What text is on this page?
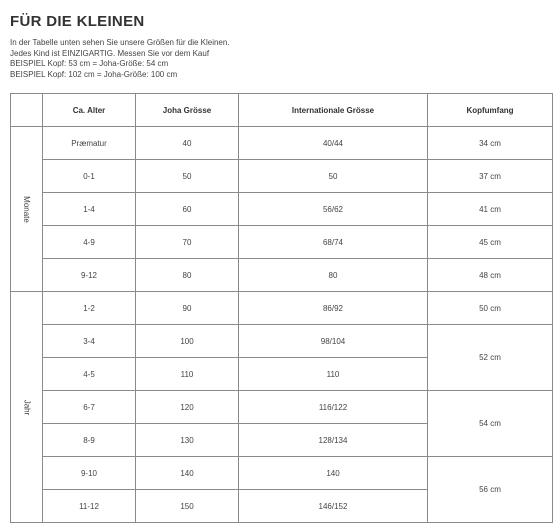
FÜR DIE KLEINEN
In der Tabelle unten sehen Sie unsere Größen für die Kleinen.
Jedes Kind ist EINZIGARTIG. Messen Sie vor dem Kauf
BEISPIEL Kopf: 53 cm = Joha-Größe: 54 cm
BEISPIEL Kopf: 102 cm = Joha-Größe: 100 cm
	Ca. Alter	Joha Grösse	Internationale Grösse	Kopfumfang
Monate	Præmatur	40	40/44	34 cm
	0-1	50	50	37 cm
	1-4	60	56/62	41 cm
	4-9	70	68/74	45 cm
	9-12	80	80	48 cm
Jahr	1-2	90	86/92	50 cm
	3-4	100	98/104	52 cm
	4-5	110	110	
	6-7	120	116/122	54 cm
	8-9	130	128/134	
	9-10	140	140	56 cm
	11-12	150	146/152	
